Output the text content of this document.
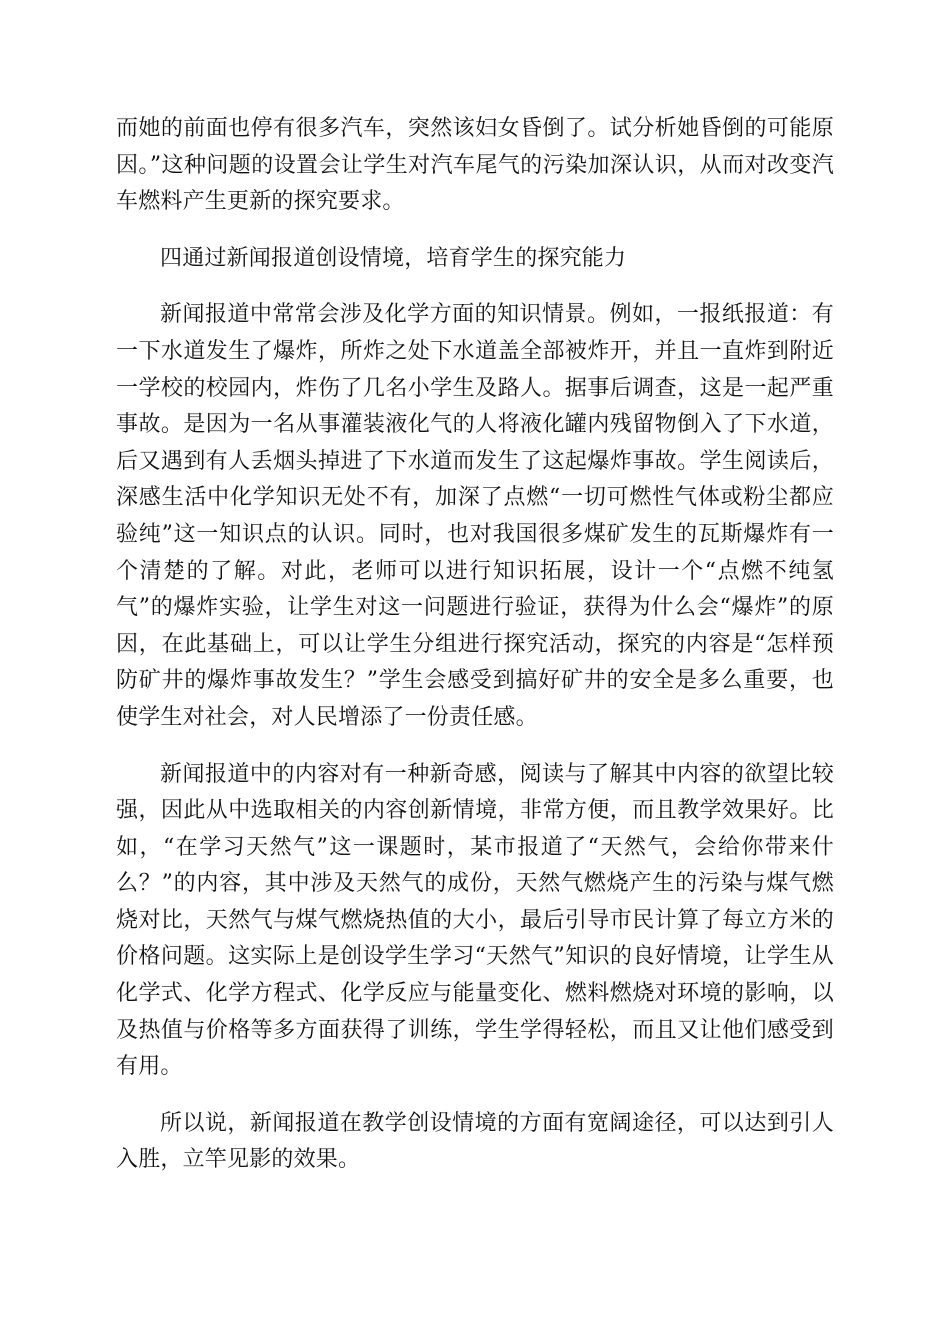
而她的前面也停有很多汽车，突然该妇女昏倒了。试分析她昏倒的可能原因。”这种问题的设置会让学生对汽车尾气的污染加深认识，从而对改变汽车燃料产生更新的探究要求。

四通过新闻报道创设情境，培育学生的探究能力

新闻报道中常常会涉及化学方面的知识情景。例如，一报纸报道：有一下水道发生了爆炸，所炸之处下水道盖全部被炸开，并且一直炸到附近一学校的校园内，炸伤了几名小学生及路人。据事后调查，这是一起严重事故。是因为一名从事灌装液化气的人将液化罐内残留物倒入了下水道，后又遇到有人丢烟头掉进了下水道而发生了这起爆炸事故。学生阅读后，深感生活中化学知识无处不有，加深了点燃“一切可燃性气体或粉尘都应验纯”这一知识点的认识。同时，也对我国很多煤矿发生的瓦斯爆炸有一个清楚的了解。对此，老师可以进行知识拓展，设计一个“点燃不纯氢气”的爆炸实验，让学生对这一问题进行验证，获得为什么会“爆炸”的原因，在此基础上，可以让学生分组进行探究活动，探究的内容是“怎样预防矿井的爆炸事故发生？”学生会感受到搞好矿井的安全是多么重要，也使学生对社会，对人民增添了一份责任感。

新闻报道中的内容对有一种新奇感，阅读与了解其中内容的欲望比较强，因此从中选取相关的内容创新情境，非常方便，而且教学效果好。比如，“在学习天然气”这一课题时，某市报道了“天然气，会给你带来什么？”的内容，其中涉及天然气的成份，天然气燃烧产生的污染与煤气燃烧对比，天然气与煤气燃烧热值的大小，最后引导市民计算了每立方米的价格问题。这实际上是创设学生学习“天然气”知识的良好情境，让学生从化学式、化学方程式、化学反应与能量变化、燃料燃烧对环境的影响，以及热值与价格等多方面获得了训练，学生学得轻松，而且又让他们感受到有用。

所以说，新闻报道在教学创设情境的方面有宽阔途径，可以达到引人入胜，立竿见影的效果。
